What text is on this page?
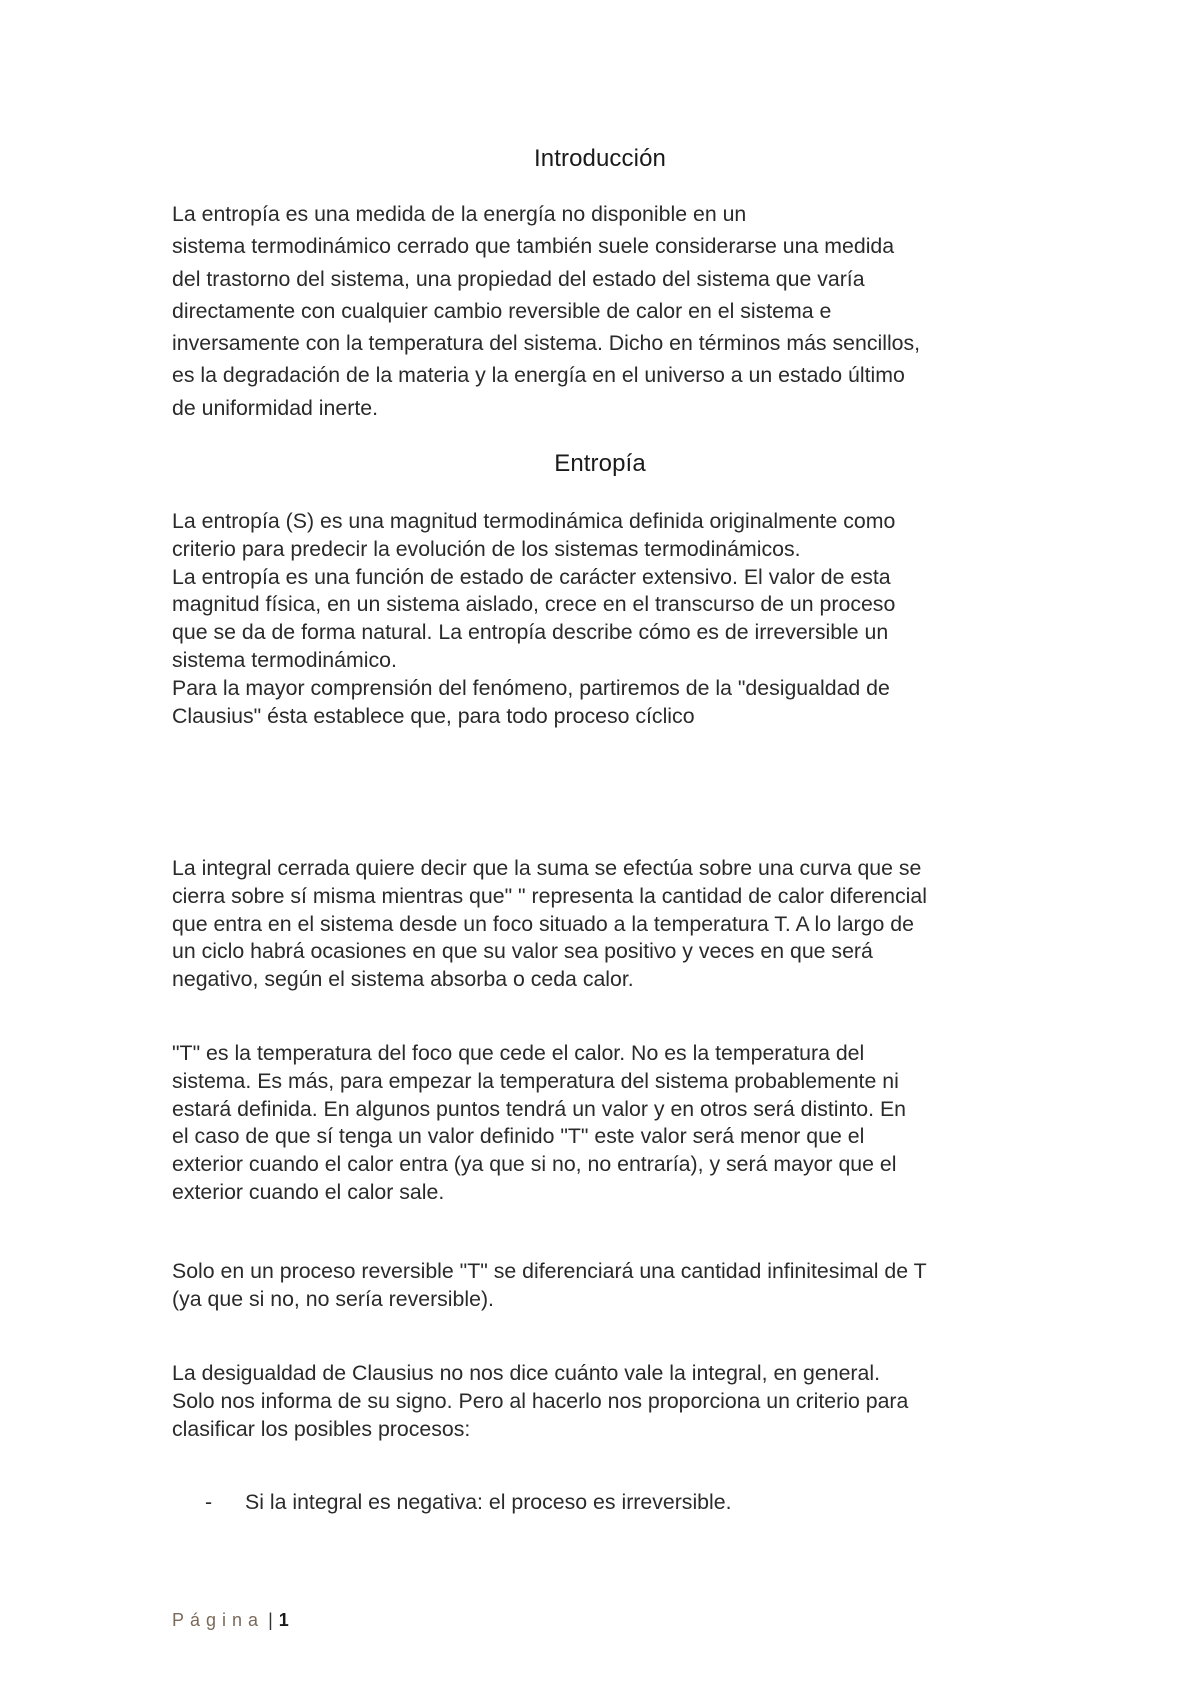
Introducción
La entropía es una medida de la energía no disponible en un
sistema termodinámico cerrado que también suele considerarse una medida
del trastorno del sistema, una propiedad del estado del sistema que varía
directamente con cualquier cambio reversible de calor en el sistema e
inversamente con la temperatura del sistema. Dicho en términos más sencillos,
es la degradación de la materia y la energía en el universo a un estado último
de uniformidad inerte.
Entropía
La entropía (S) es una magnitud termodinámica definida originalmente como
criterio para predecir la evolución de los sistemas termodinámicos.
La entropía es una función de estado de carácter extensivo. El valor de esta
magnitud física, en un sistema aislado, crece en el transcurso de un proceso
que se da de forma natural. La entropía describe cómo es de irreversible un
sistema termodinámico.
Para la mayor comprensión del fenómeno, partiremos de la "desigualdad de
Clausius" ésta establece que, para todo proceso cíclico
La integral cerrada quiere decir que la suma se efectúa sobre una curva que se
cierra sobre sí misma mientras que" " representa la cantidad de calor diferencial
que entra en el sistema desde un foco situado a la temperatura T. A lo largo de
un ciclo habrá ocasiones en que su valor sea positivo y veces en que será
negativo, según el sistema absorba o ceda calor.
"T" es la temperatura del foco que cede el calor. No es la temperatura del
sistema. Es más, para empezar la temperatura del sistema probablemente ni
estará definida. En algunos puntos tendrá un valor y en otros será distinto. En
el caso de que sí tenga un valor definido "T" este valor será menor que el
exterior cuando el calor entra (ya que si no, no entraría), y será mayor que el
exterior cuando el calor sale.
Solo en un proceso reversible "T" se diferenciará una cantidad infinitesimal de T
(ya que si no, no sería reversible).
La desigualdad de Clausius no nos dice cuánto vale la integral, en general.
Solo nos informa de su signo. Pero al hacerlo nos proporciona un criterio para
clasificar los posibles procesos:
- Si la integral es negativa: el proceso es irreversible.
Página | 1
